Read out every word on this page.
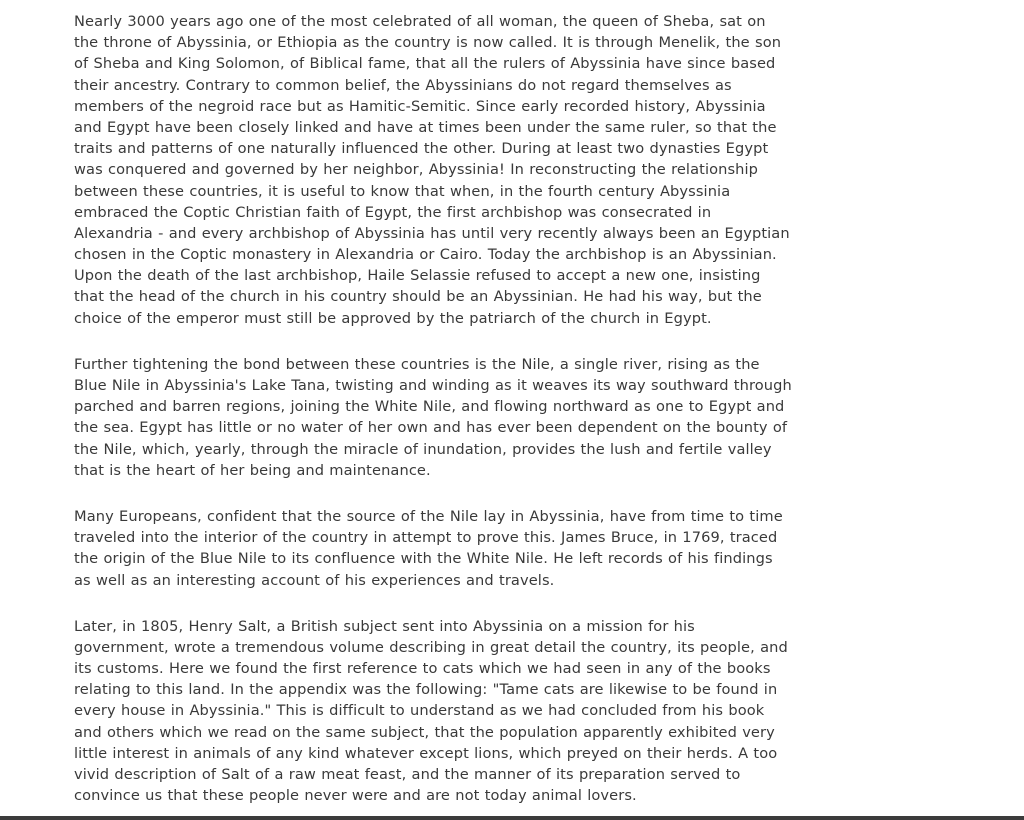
Nearly 3000 years ago one of the most celebrated of all woman, the queen of Sheba, sat on
the throne of Abyssinia, or Ethiopia as the country is now called. It is through Menelik, the son
of Sheba and King Solomon, of Biblical fame, that all the rulers of Abyssinia have since based
their ancestry. Contrary to common belief, the Abyssinians do not regard themselves as
members of the negroid race but as Hamitic-Semitic. Since early recorded history, Abyssinia
and Egypt have been closely linked and have at times been under the same ruler, so that the
traits and patterns of one naturally influenced the other. During at least two dynasties Egypt
was conquered and governed by her neighbor, Abyssinia! In reconstructing the relationship
between these countries, it is useful to know that when, in the fourth century Abyssinia
embraced the Coptic Christian faith of Egypt, the first archbishop was consecrated in
Alexandria - and every archbishop of Abyssinia has until very recently always been an Egyptian
chosen in the Coptic monastery in Alexandria or Cairo. Today the archbishop is an Abyssinian.
Upon the death of the last archbishop, Haile Selassie refused to accept a new one, insisting
that the head of the church in his country should be an Abyssinian. He had his way, but the
choice of the emperor must still be approved by the patriarch of the church in Egypt.

Further tightening the bond between these countries is the Nile, a single river, rising as the
Blue Nile in Abyssinia's Lake Tana, twisting and winding as it weaves its way southward through
parched and barren regions, joining the White Nile, and flowing northward as one to Egypt and
the sea. Egypt has little or no water of her own and has ever been dependent on the bounty of
the Nile, which, yearly, through the miracle of inundation, provides the lush and fertile valley
that is the heart of her being and maintenance.

Many Europeans, confident that the source of the Nile lay in Abyssinia, have from time to time
traveled into the interior of the country in attempt to prove this. James Bruce, in 1769, traced
the origin of the Blue Nile to its confluence with the White Nile. He left records of his findings
as well as an interesting account of his experiences and travels.

Later, in 1805, Henry Salt, a British subject sent into Abyssinia on a mission for his
government, wrote a tremendous volume describing in great detail the country, its people, and
its customs. Here we found the first reference to cats which we had seen in any of the books
relating to this land. In the appendix was the following: "Tame cats are likewise to be found in
every house in Abyssinia." This is difficult to understand as we had concluded from his book
and others which we read on the same subject, that the population apparently exhibited very
little interest in animals of any kind whatever except lions, which preyed on their herds. A too
vivid description of Salt of a raw meat feast, and the manner of its preparation served to
convince us that these people never were and are not today animal lovers.
